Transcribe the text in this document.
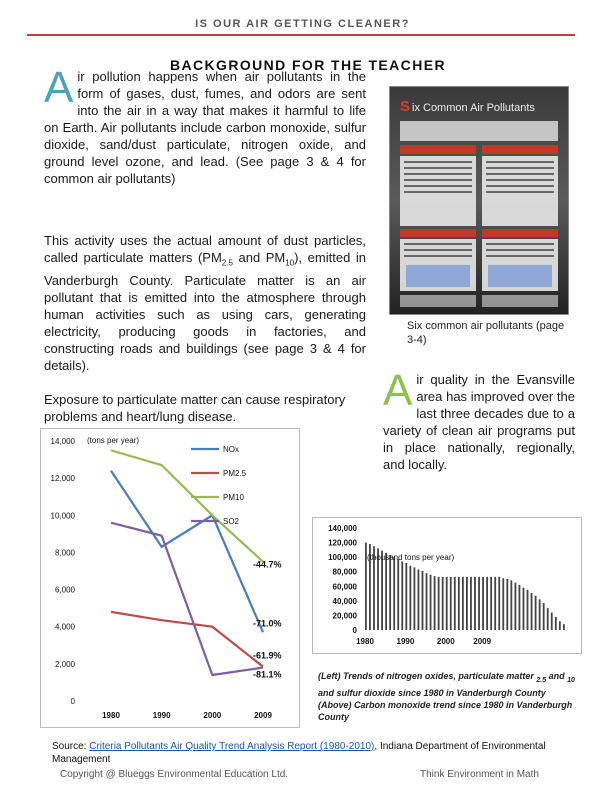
IS OUR AIR GETTING CLEANER?
BACKGROUND FOR THE TEACHER
Air pollution happens when air pollutants in the form of gases, dust, fumes, and odors are sent into the air in a way that makes it harmful to life on Earth. Air pollutants include carbon monoxide, sulfur dioxide, sand/dust particulate, nitrogen oxide, and ground level ozone, and lead. (See page 3 & 4 for common air pollutants)
This activity uses the actual amount of dust particles, called particulate matters ($PM_{2.5}$ and $PM_{10}$), emitted in Vanderburgh County. Particulate matter is an air pollutant that is emitted into the atmosphere through human activities such as using cars, generating electricity, producing goods in factories, and constructing roads and buildings (see page 3 & 4 for details).
Exposure to particulate matter can cause respiratory problems and heart/lung disease.
S ix Common Air Pollutants
Six common air pollutants (page 3-4)
Air quality in the Evansville area has improved over the last three decades due to a variety of clean air programs put in place nationally, regionally, and locally.
0
2,000
4,000
6,000
8,000
10,000
12,000
14,000
1980	1990	2000	2009
(tons per year)
NOx
-71.0%
PM2.5
-61.9%
PM10
-44.7%
SO2
-81.1%
0
20,000
40,000
60,000
80,000
100,000
120,000
140,000
1980	1990	2000 2009
(thousand tons per year)
(Left) Trends of nitrogen oxides, particulate matter $_{2.5}$ and $_{10}$ and sulfur dioxide since 1980 in Vanderburgh County (Above) Carbon monoxide trend since 1980 in Vanderburgh County
Source: Criteria Pollutants Air Quality Trend Analysis Report (1980-2010), Indiana Department of Environmental Management
Copyright @ Blueggs Environmental Education Ltd.	Think Environment in Math
